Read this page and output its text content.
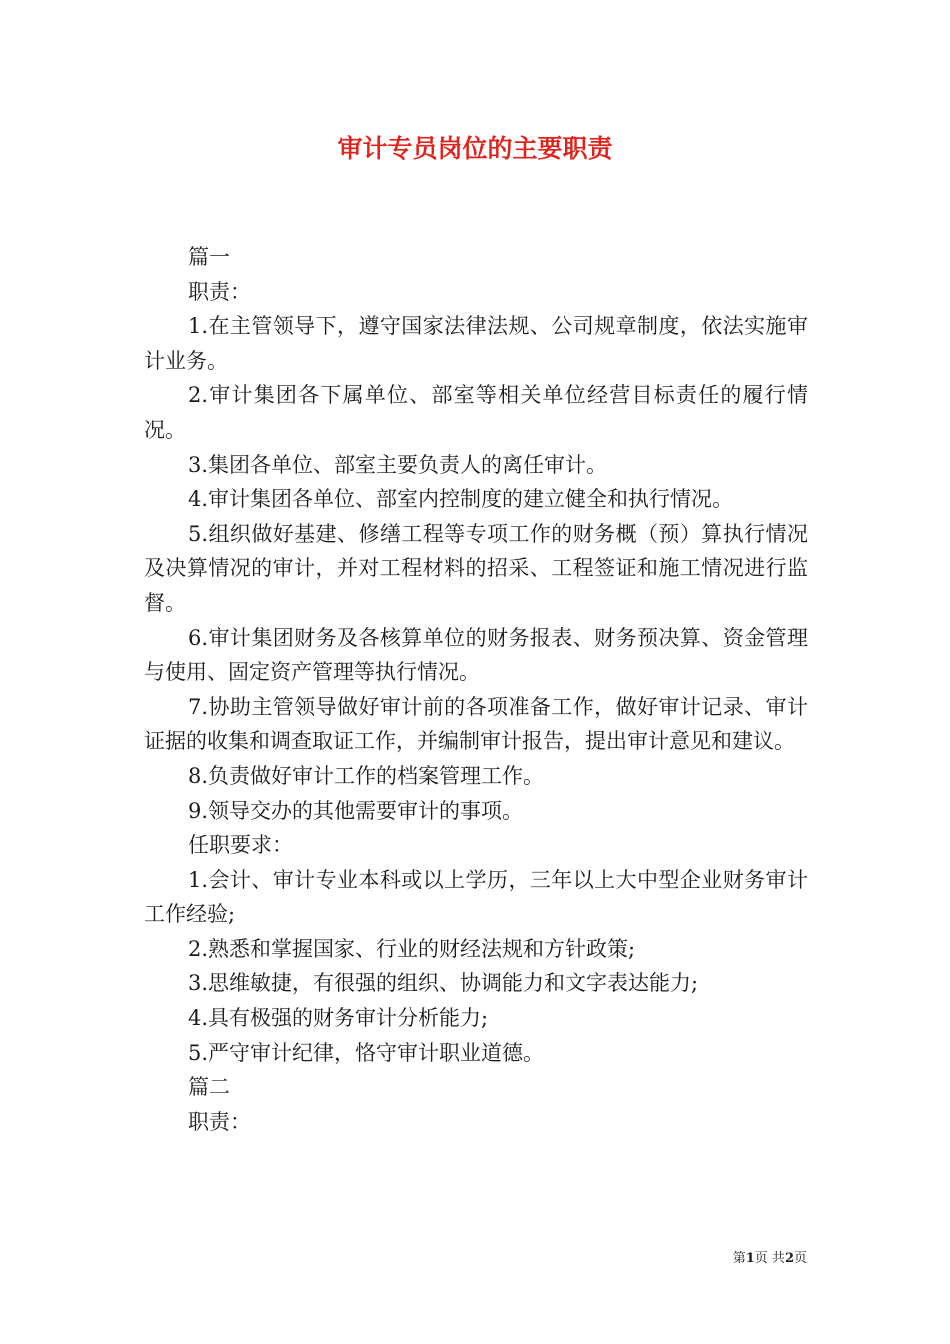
审计专员岗位的主要职责

篇一

职责：

1.在主管领导下，遵守国家法律法规、公司规章制度，依法实施审计业务。

2.审计集团各下属单位、部室等相关单位经营目标责任的履行情况。

3.集团各单位、部室主要负责人的离任审计。

4.审计集团各单位、部室内控制度的建立健全和执行情况。

5.组织做好基建、修缮工程等专项工作的财务概（预）算执行情况及决算情况的审计，并对工程材料的招采、工程签证和施工情况进行监督。

6.审计集团财务及各核算单位的财务报表、财务预决算、资金管理与使用、固定资产管理等执行情况。

7.协助主管领导做好审计前的各项准备工作，做好审计记录、审计证据的收集和调查取证工作，并编制审计报告，提出审计意见和建议。

8.负责做好审计工作的档案管理工作。

9.领导交办的其他需要审计的事项。

任职要求：

1.会计、审计专业本科或以上学历，三年以上大中型企业财务审计工作经验;

2.熟悉和掌握国家、行业的财经法规和方针政策;

3.思维敏捷，有很强的组织、协调能力和文字表达能力;

4.具有极强的财务审计分析能力;

5.严守审计纪律，恪守审计职业道德。

篇二

职责：

第1页 共2页
